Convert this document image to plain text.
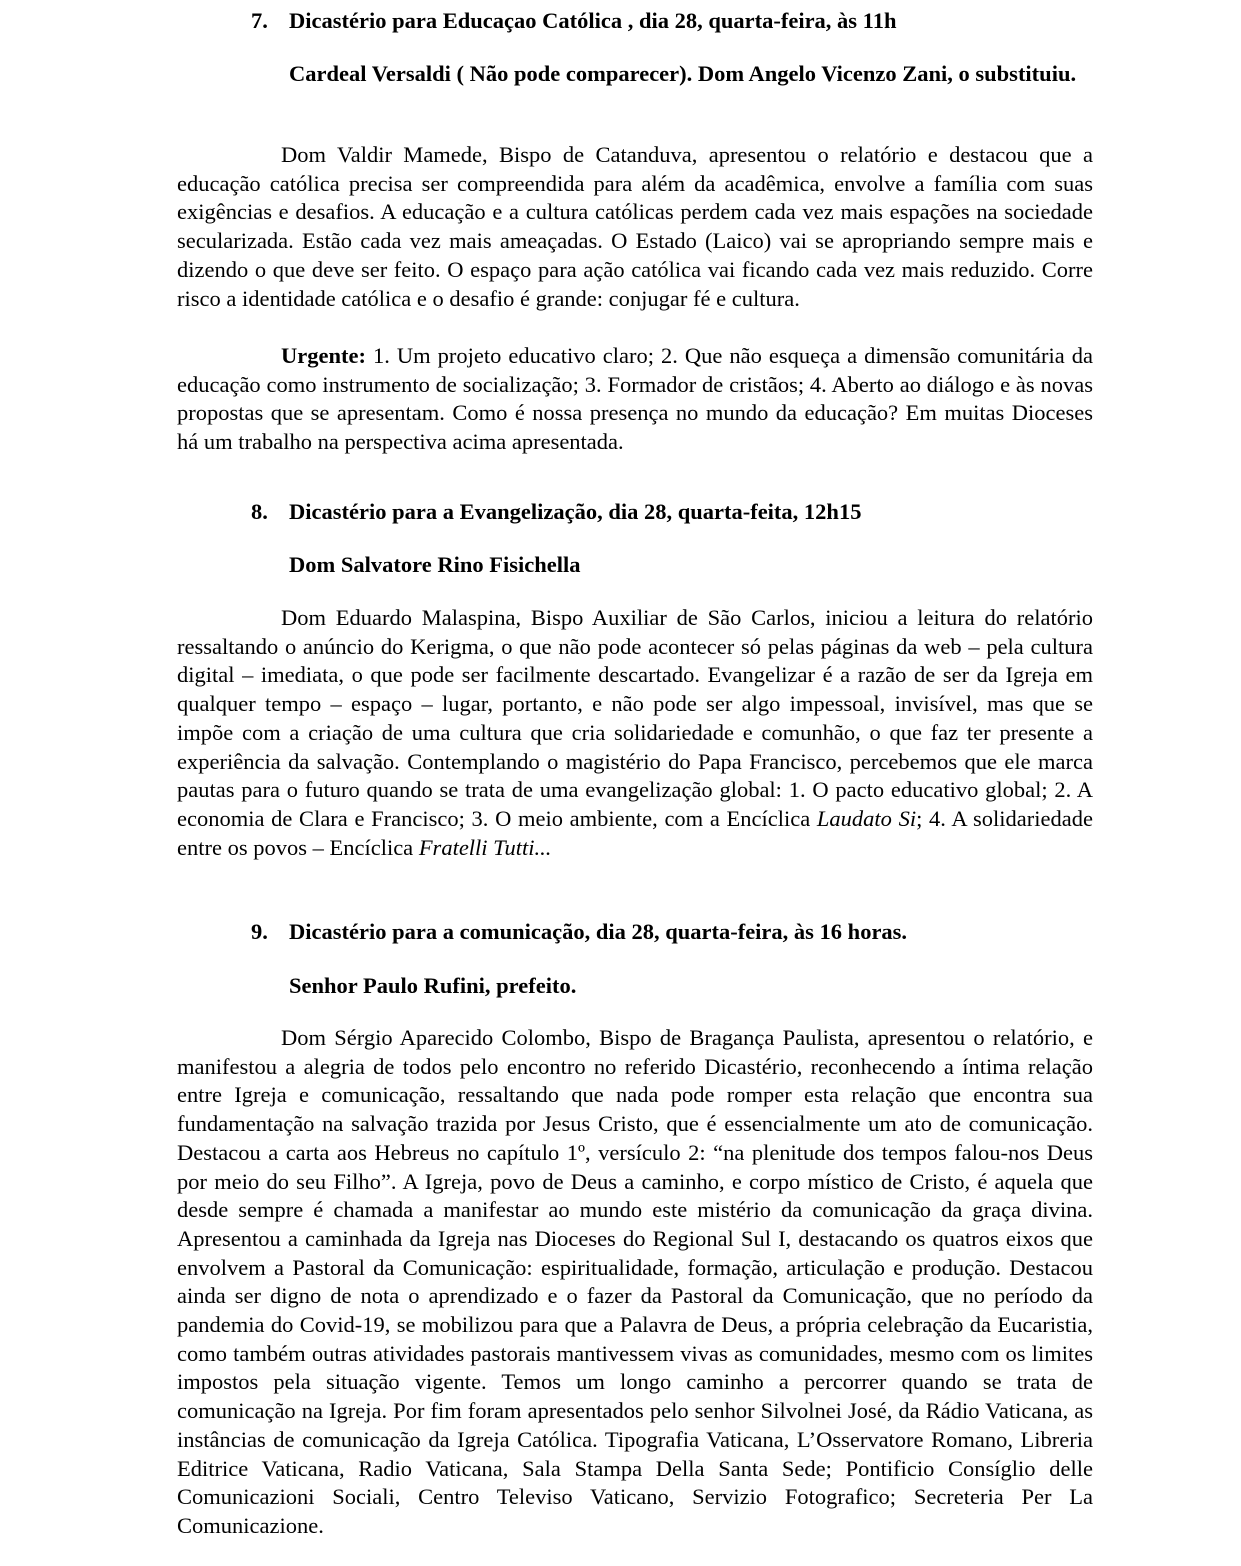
7. Dicastério para Educaçao Católica , dia 28, quarta-feira, às 11h

Cardeal Versaldi ( Não pode comparecer). Dom Angelo Vicenzo Zani, o substituiu.

Dom Valdir Mamede, Bispo de Catanduva, apresentou o relatório e destacou que a educação católica precisa ser compreendida para além da acadêmica, envolve a família com suas exigências e desafios. A educação e a cultura católicas perdem cada vez mais espações na sociedade secularizada. Estão cada vez mais ameaçadas. O Estado (Laico) vai se apropriando sempre mais e dizendo o que deve ser feito. O espaço para ação católica vai ficando cada vez mais reduzido. Corre risco a identidade católica e o desafio é grande: conjugar fé e cultura.

Urgente: 1. Um projeto educativo claro; 2. Que não esqueça a dimensão comunitária da educação como instrumento de socialização; 3. Formador de cristãos; 4. Aberto ao diálogo e às novas propostas que se apresentam. Como é nossa presença no mundo da educação? Em muitas Dioceses há um trabalho na perspectiva acima apresentada.

8. Dicastério para a Evangelização, dia 28, quarta-feita, 12h15

Dom Salvatore Rino Fisichella

Dom Eduardo Malaspina, Bispo Auxiliar de São Carlos, iniciou a leitura do relatório ressaltando o anúncio do Kerigma, o que não pode acontecer só pelas páginas da web – pela cultura digital – imediata, o que pode ser facilmente descartado. Evangelizar é a razão de ser da Igreja em qualquer tempo – espaço – lugar, portanto, e não pode ser algo impessoal, invisível, mas que se impõe com a criação de uma cultura que cria solidariedade e comunhão, o que faz ter presente a experiência da salvação. Contemplando o magistério do Papa Francisco, percebemos que ele marca pautas para o futuro quando se trata de uma evangelização global: 1. O pacto educativo global; 2. A economia de Clara e Francisco; 3. O meio ambiente, com a Encíclica Laudato Si; 4. A solidariedade entre os povos – Encíclica Fratelli Tutti...

9. Dicastério para a comunicação, dia 28, quarta-feira, às 16 horas.

Senhor Paulo Rufini, prefeito.

Dom Sérgio Aparecido Colombo, Bispo de Bragança Paulista, apresentou o relatório, e manifestou a alegria de todos pelo encontro no referido Dicastério, reconhecendo a íntima relação entre Igreja e comunicação, ressaltando que nada pode romper esta relação que encontra sua fundamentação na salvação trazida por Jesus Cristo, que é essencialmente um ato de comunicação. Destacou a carta aos Hebreus no capítulo 1º, versículo 2: “na plenitude dos tempos falou-nos Deus por meio do seu Filho”. A Igreja, povo de Deus a caminho, e corpo místico de Cristo, é aquela que desde sempre é chamada a manifestar ao mundo este mistério da comunicação da graça divina. Apresentou a caminhada da Igreja nas Dioceses do Regional Sul I, destacando os quatros eixos que envolvem a Pastoral da Comunicação: espiritualidade, formação, articulação e produção. Destacou ainda ser digno de nota o aprendizado e o fazer da Pastoral da Comunicação, que no período da pandemia do Covid-19, se mobilizou para que a Palavra de Deus, a própria celebração da Eucaristia, como também outras atividades pastorais mantivessem vivas as comunidades, mesmo com os limites impostos pela situação vigente. Temos um longo caminho a percorrer quando se trata de comunicação na Igreja. Por fim foram apresentados pelo senhor Silvolnei José, da Rádio Vaticana, as instâncias de comunicação da Igreja Católica. Tipografia Vaticana, L’Osservatore Romano, Libreria Editrice Vaticana, Radio Vaticana, Sala Stampa Della Santa Sede; Pontificio Consíglio delle Comunicazioni Sociali, Centro Televiso Vaticano, Servizio Fotografico; Secreteria Per La Comunicazione.
